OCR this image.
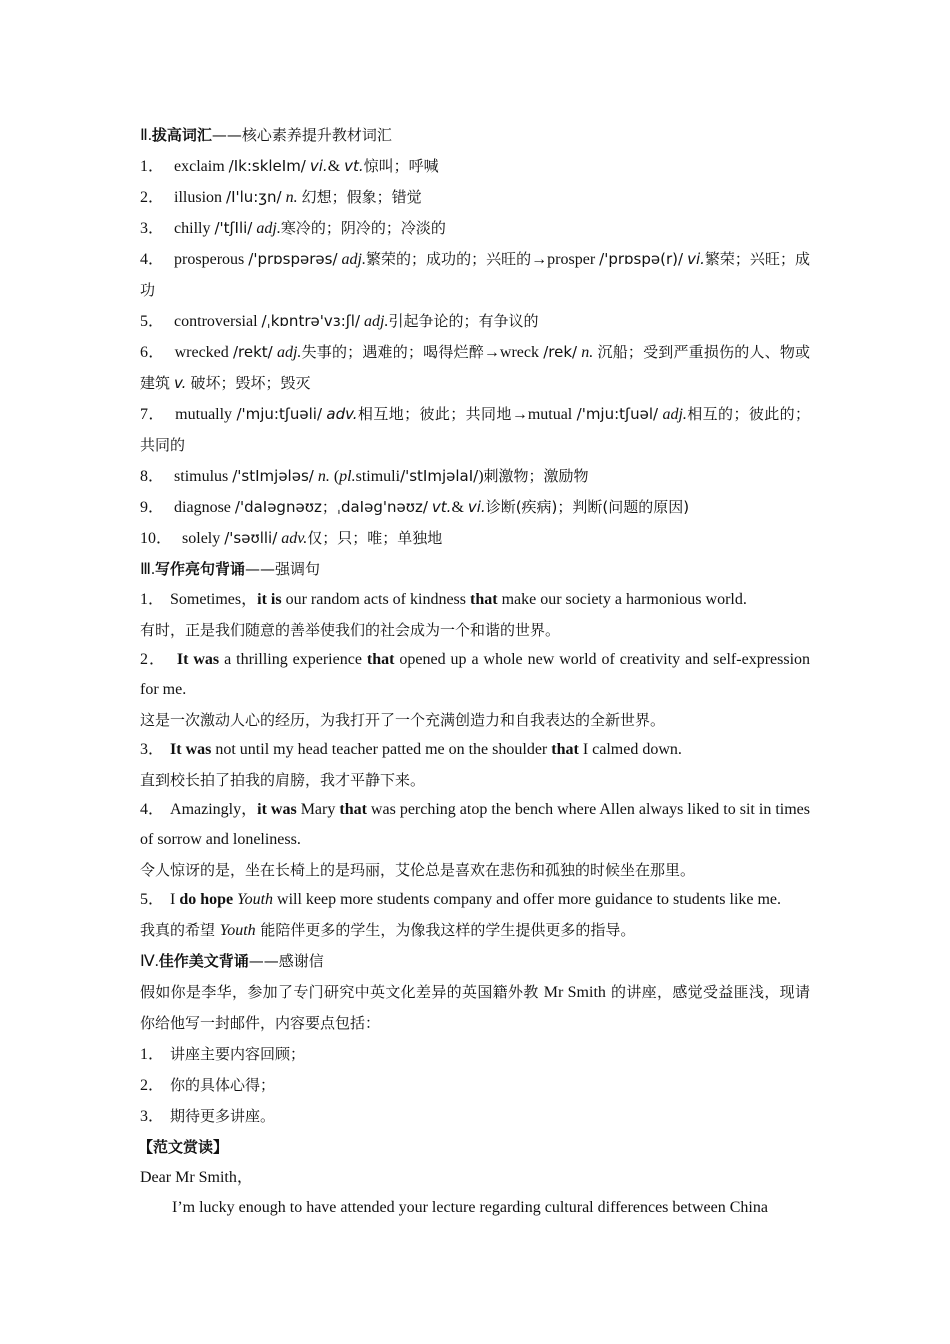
Ⅱ.拔高词汇——核心素养提升教材词汇
1． exclaim /Ik:skleIm/ vi.& vt.惊叫；呼喊
2． illusion /I'lu:ʒn/ n. 幻想；假象；错觉
3． chilly /'tʃIli/ adj.寒冷的；阴冷的；冷淡的
4． prosperous /'prɒspərəs/ adj.繁荣的；成功的；兴旺的→prosper /'prɒspə(r)/ vi.繁荣；兴旺；成功
5． controversial /ˌkɒntrə'vɜ:ʃl/ adj.引起争论的；有争议的
6． wrecked /rekt/ adj.失事的；遇难的；喝得烂醉→wreck /rek/ n. 沉船；受到严重损伤的人、物或建筑 v. 破坏；毁坏；毁灭
7． mutually /'mju:tʃuəli/ adv.相互地；彼此；共同地→mutual /'mju:tʃuəl/ adj.相互的；彼此的；共同的
8． stimulus /'stImjələs/ n. (pl.stimuli/'stImjəlaI/)刺激物；激励物
9． diagnose /'daIəgnəʊz；ˌdaIəg'nəʊz/ vt.& vi.诊断(疾病)；判断(问题的原因)
10． solely /'səʊlli/ adv.仅；只；唯；单独地
Ⅲ.写作亮句背诵——强调句
1． Sometimes，it is our random acts of kindness that make our society a harmonious world.
有时，正是我们随意的善举使我们的社会成为一个和谐的世界。
2． It was a thrilling experience that opened up a whole new world of creativity and self-expression for me.
这是一次激动人心的经历，为我打开了一个充满创造力和自我表达的全新世界。
3． It was not until my head teacher patted me on the shoulder that I calmed down.
直到校长拍了拍我的肩膀，我才平静下来。
4． Amazingly，it was Mary that was perching atop the bench where Allen always liked to sit in times of sorrow and loneliness.
令人惊讶的是，坐在长椅上的是玛丽，艾伦总是喜欢在悲伤和孤独的时候坐在那里。
5． I do hope Youth will keep more students company and offer more guidance to students like me.
我真的希望 Youth 能陪伴更多的学生，为像我这样的学生提供更多的指导。
Ⅳ.佳作美文背诵——感谢信
假如你是李华，参加了专门研究中英文化差异的英国籍外教 Mr Smith 的讲座，感觉受益匪浅，现请你给他写一封邮件，内容要点包括：
1． 讲座主要内容回顾；
2． 你的具体心得；
3． 期待更多讲座。
【范文赏读】
Dear Mr Smith，
I’m lucky enough to have attended your lecture regarding cultural differences between China
